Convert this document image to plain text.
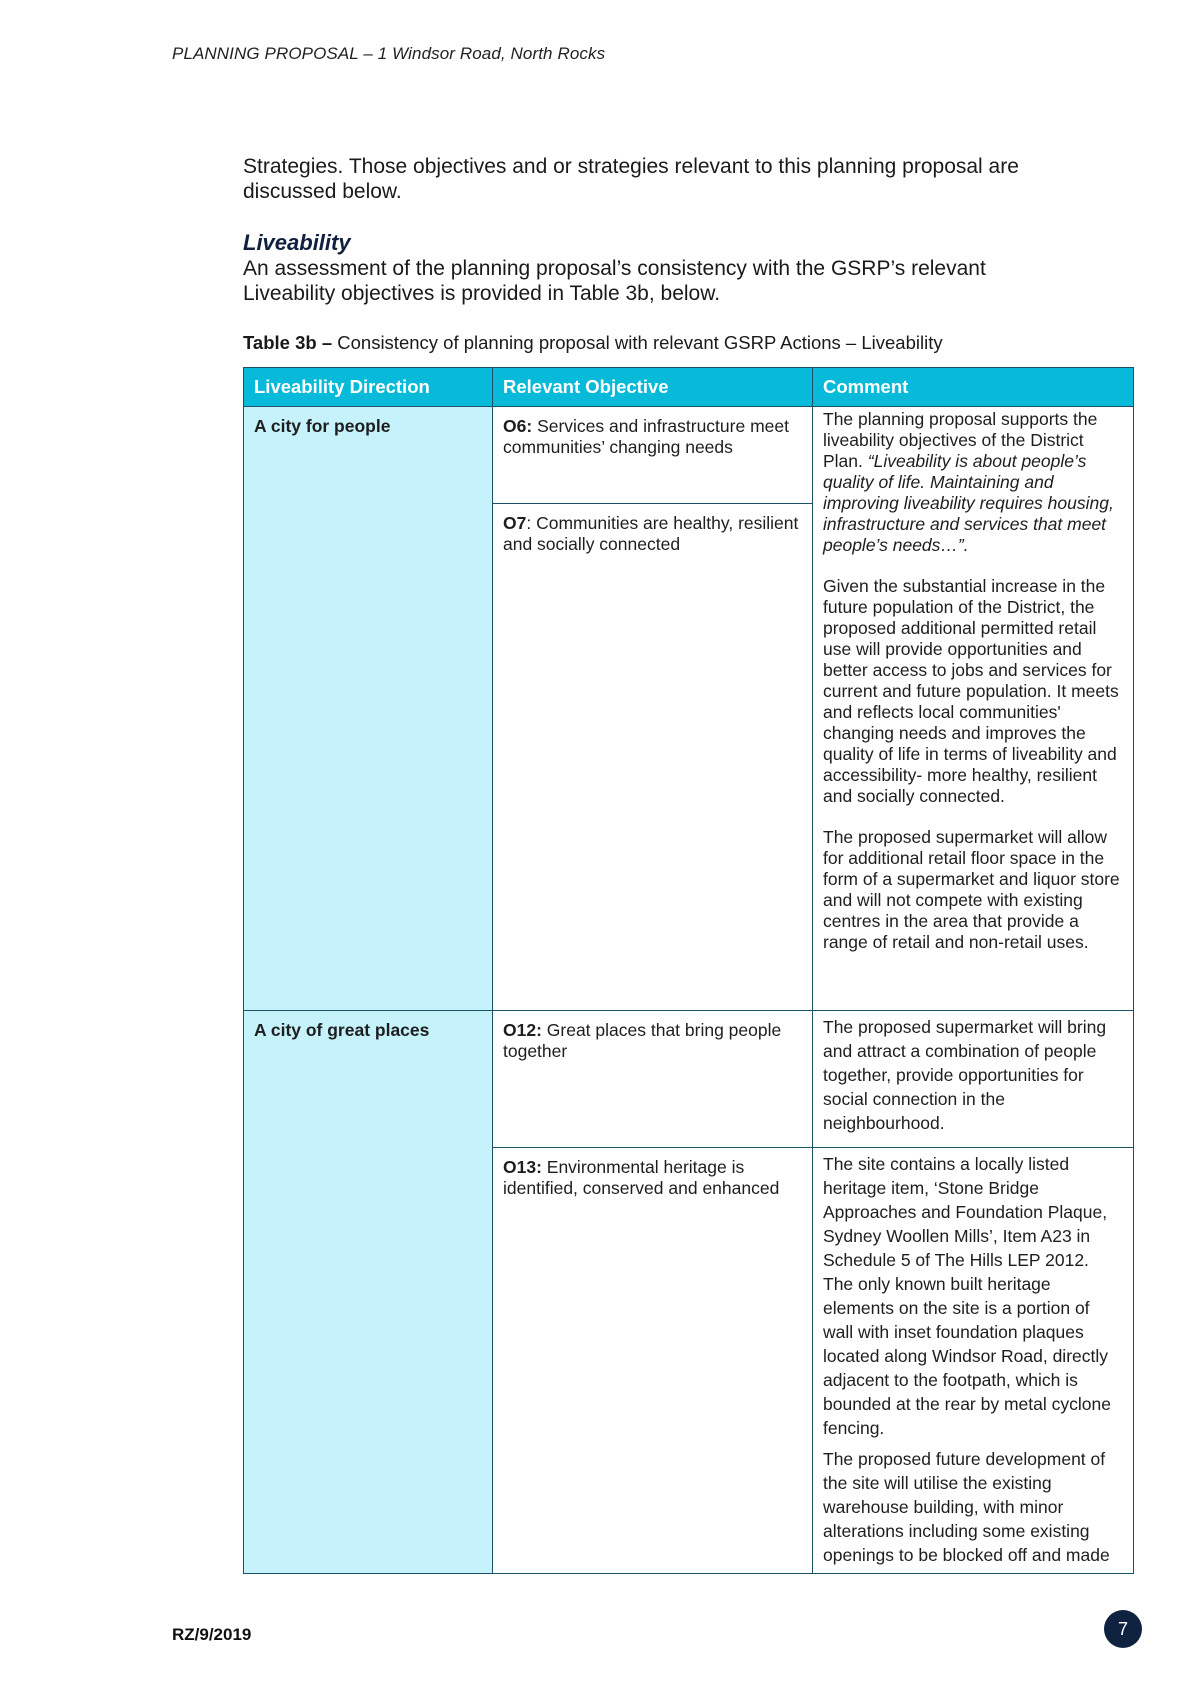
PLANNING PROPOSAL – 1 Windsor Road, North Rocks
Strategies. Those objectives and or strategies relevant to this planning proposal are discussed below.
Liveability
An assessment of the planning proposal’s consistency with the GSRP’s relevant Liveability objectives is provided in Table 3b, below.
Table 3b – Consistency of planning proposal with relevant GSRP Actions – Liveability
Liveability Direction	Relevant Objective	Comment
A city for people	O6: Services and infrastructure meet communities’ changing needs	The planning proposal supports the liveability objectives of the District Plan. “Liveability is about people’s quality of life. Maintaining and improving liveability requires housing, infrastructure and services that meet people’s needs…”.

Given the substantial increase in the future population of the District, the proposed additional permitted retail use will provide opportunities and better access to jobs and services for current and future population. It meets and reflects local communities' changing needs and improves the quality of life in terms of liveability and accessibility- more healthy, resilient and socially connected.

The proposed supermarket will allow for additional retail floor space in the form of a supermarket and liquor store and will not compete with existing centres in the area that provide a range of retail and non-retail uses.

	O7: Communities are healthy, resilient and socially connected	
A city of great places	O12: Great places that bring people together	The proposed supermarket will bring and attract a combination of people together, provide opportunities for social connection in the neighbourhood.

	O13: Environmental heritage is identified, conserved and enhanced	The site contains a locally listed heritage item, ‘Stone Bridge Approaches and Foundation Plaque, Sydney Woollen Mills’, Item A23 in Schedule 5 of The Hills LEP 2012. The only known built heritage elements on the site is a portion of wall with inset foundation plaques located along Windsor Road, directly adjacent to the footpath, which is bounded at the rear by metal cyclone fencing.

The proposed future development of the site will utilise the existing warehouse building, with minor alterations including some existing openings to be blocked off and made

RZ/9/2019	7
